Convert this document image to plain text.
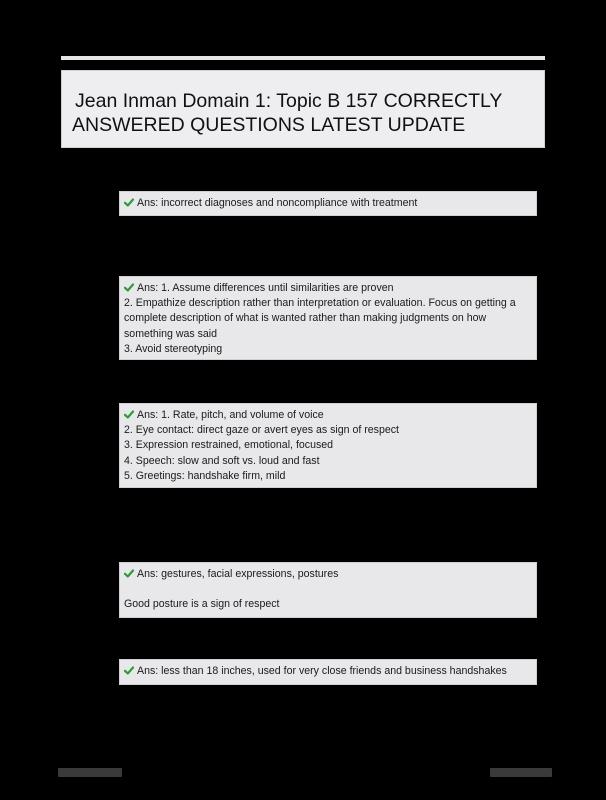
Jean Inman Domain 1: Topic B 157 CORRECTLY
ANSWERED QUESTIONS LATEST UPDATE
Ans: incorrect diagnoses and noncompliance with treatment
Ans: 1. Assume differences until similarities are proven
2. Empathize description rather than interpretation or evaluation. Focus on getting a
complete description of what is wanted rather than making judgments on how
something was said
3. Avoid stereotyping
Ans: 1. Rate, pitch, and volume of voice
2. Eye contact: direct gaze or avert eyes as sign of respect
3. Expression restrained, emotional, focused
4. Speech: slow and soft vs. loud and fast
5. Greetings: handshake firm, mild
Ans: gestures, facial expressions, postures
Good posture is a sign of respect
Ans: less than 18 inches, used for very close friends and business handshakes
